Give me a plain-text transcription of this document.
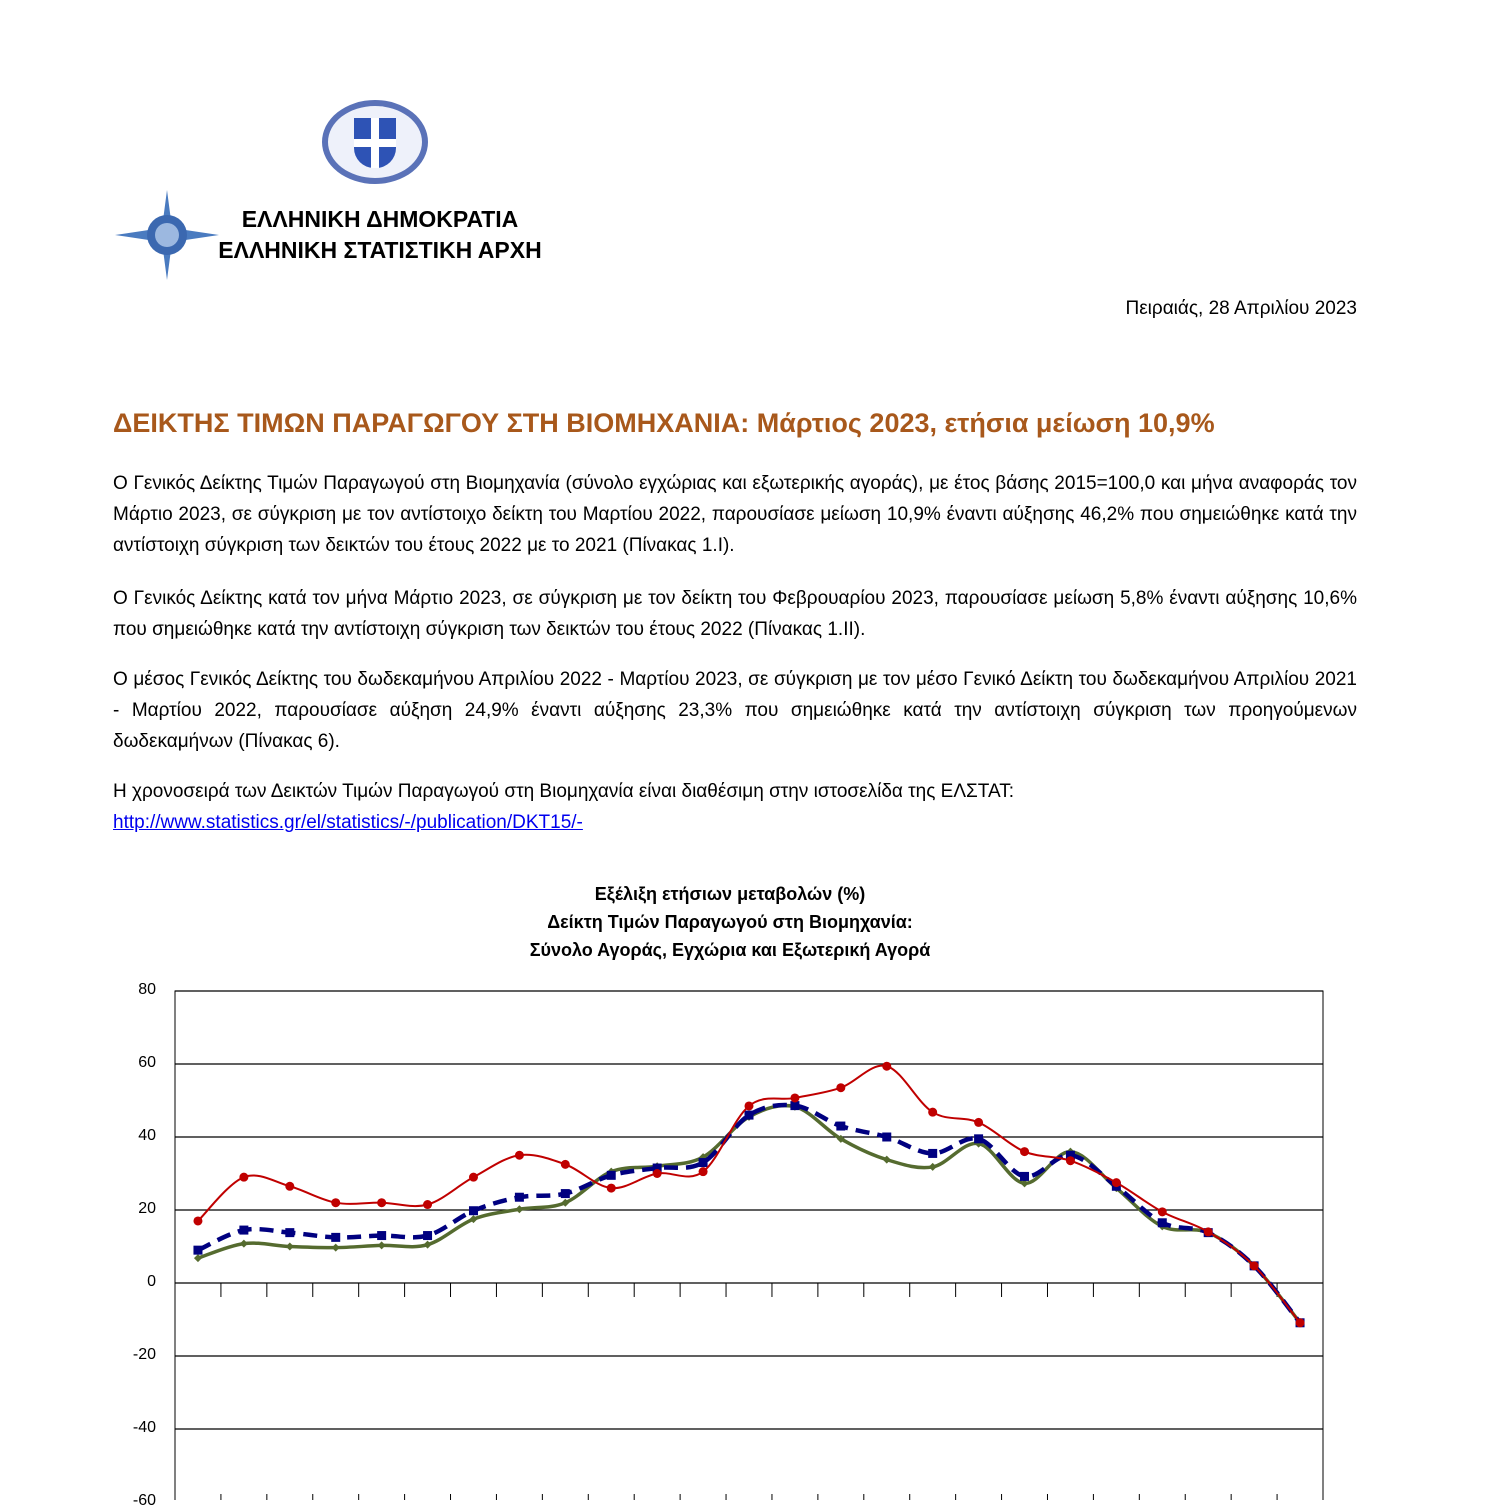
ΕΛΛΗΝΙΚΗ ΔΗΜΟΚΡΑΤΙΑ
ΕΛΛΗΝΙΚΗ ΣΤΑΤΙΣΤΙΚΗ ΑΡΧΗ
Πειραιάς, 28 Απριλίου 2023
ΔΕΙΚΤΗΣ ΤΙΜΩΝ ΠΑΡΑΓΩΓΟΥ ΣΤΗ ΒΙΟΜΗΧΑΝΙΑ: Μάρτιος 2023, ετήσια μείωση 10,9%
Ο Γενικός Δείκτης Τιμών Παραγωγού στη Βιομηχανία (σύνολο εγχώριας και εξωτερικής αγοράς), με έτος βάσης 2015=100,0 και μήνα αναφοράς τον Μάρτιο 2023, σε σύγκριση με τον αντίστοιχο δείκτη του Μαρτίου 2022, παρουσίασε μείωση 10,9% έναντι αύξησης 46,2% που σημειώθηκε κατά την αντίστοιχη σύγκριση των δεικτών του έτους 2022 με το 2021 (Πίνακας 1.Ι).
Ο Γενικός Δείκτης κατά τον μήνα Μάρτιο 2023, σε σύγκριση με τον δείκτη του Φεβρουαρίου 2023, παρουσίασε μείωση 5,8% έναντι αύξησης 10,6% που σημειώθηκε κατά την αντίστοιχη σύγκριση των δεικτών του έτους 2022 (Πίνακας 1.ΙΙ).
Ο μέσος Γενικός Δείκτης του δωδεκαμήνου Απριλίου 2022 - Μαρτίου 2023, σε σύγκριση με τον μέσο Γενικό Δείκτη του δωδεκαμήνου Απριλίου 2021 - Μαρτίου 2022, παρουσίασε αύξηση 24,9% έναντι αύξησης 23,3% που σημειώθηκε κατά την αντίστοιχη σύγκριση των προηγούμενων δωδεκαμήνων (Πίνακας 6).
Η χρονοσειρά των Δεικτών Τιμών Παραγωγού στη Βιομηχανία είναι διαθέσιμη στην ιστοσελίδα της ΕΛΣΤΑΤ:
http://www.statistics.gr/el/statistics/-/publication/DKT15/-
Εξέλιξη ετήσιων μεταβολών (%)
Δείκτη Τιμών Παραγωγού στη Βιομηχανία:
Σύνολο Αγοράς, Εγχώρια και Εξωτερική Αγορά
80
60
40
20
0
-20
-40
-60
